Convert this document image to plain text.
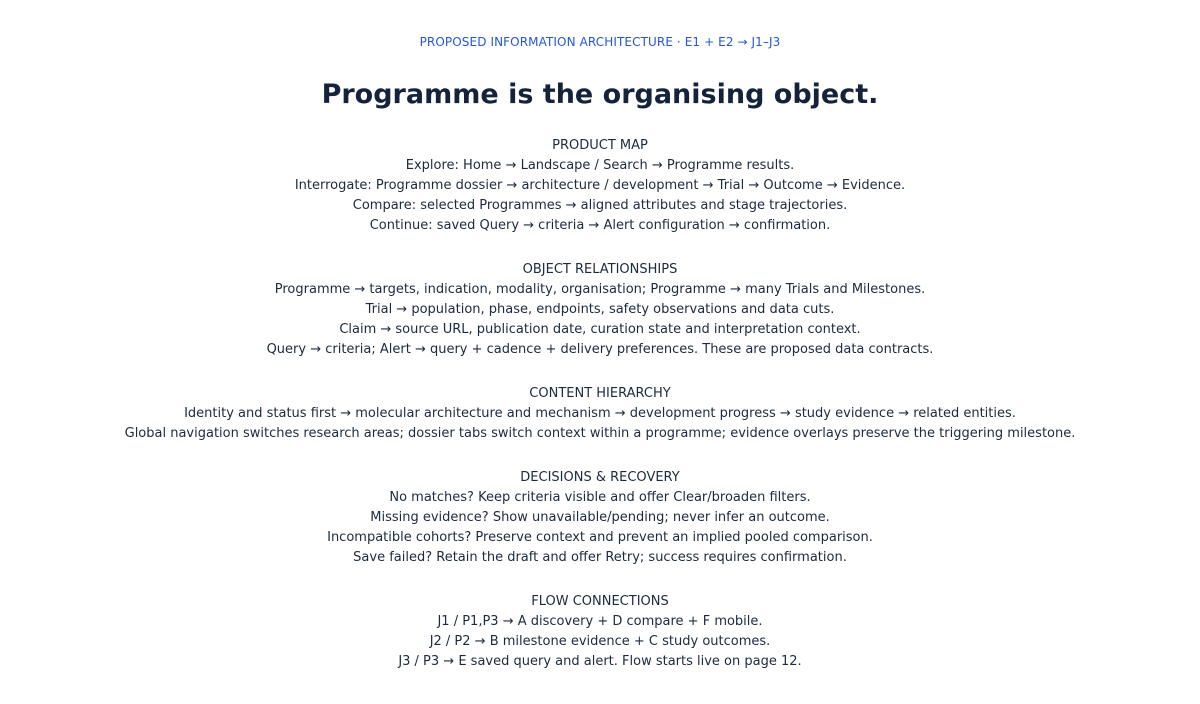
PROPOSED INFORMATION ARCHITECTURE · E1 + E2 → J1–J3
Programme is the organising object.
PRODUCT MAP
Explore: Home → Landscape / Search → Programme results.
Interrogate: Programme dossier → architecture / development → Trial → Outcome → Evidence.
Compare: selected Programmes → aligned attributes and stage trajectories.
Continue: saved Query → criteria → Alert configuration → confirmation.
OBJECT RELATIONSHIPS
Programme → targets, indication, modality, organisation; Programme → many Trials and Milestones.
Trial → population, phase, endpoints, safety observations and data cuts.
Claim → source URL, publication date, curation state and interpretation context.
Query → criteria; Alert → query + cadence + delivery preferences. These are proposed data contracts.
CONTENT HIERARCHY
Identity and status first → molecular architecture and mechanism → development progress → study evidence → related entities.
Global navigation switches research areas; dossier tabs switch context within a programme; evidence overlays preserve the triggering milestone.
DECISIONS & RECOVERY
No matches? Keep criteria visible and offer Clear/broaden filters.
Missing evidence? Show unavailable/pending; never infer an outcome.
Incompatible cohorts? Preserve context and prevent an implied pooled comparison.
Save failed? Retain the draft and offer Retry; success requires confirmation.
FLOW CONNECTIONS
J1 / P1,P3 → A discovery + D compare + F mobile.
J2 / P2 → B milestone evidence + C study outcomes.
J3 / P3 → E saved query and alert. Flow starts live on page 12.
